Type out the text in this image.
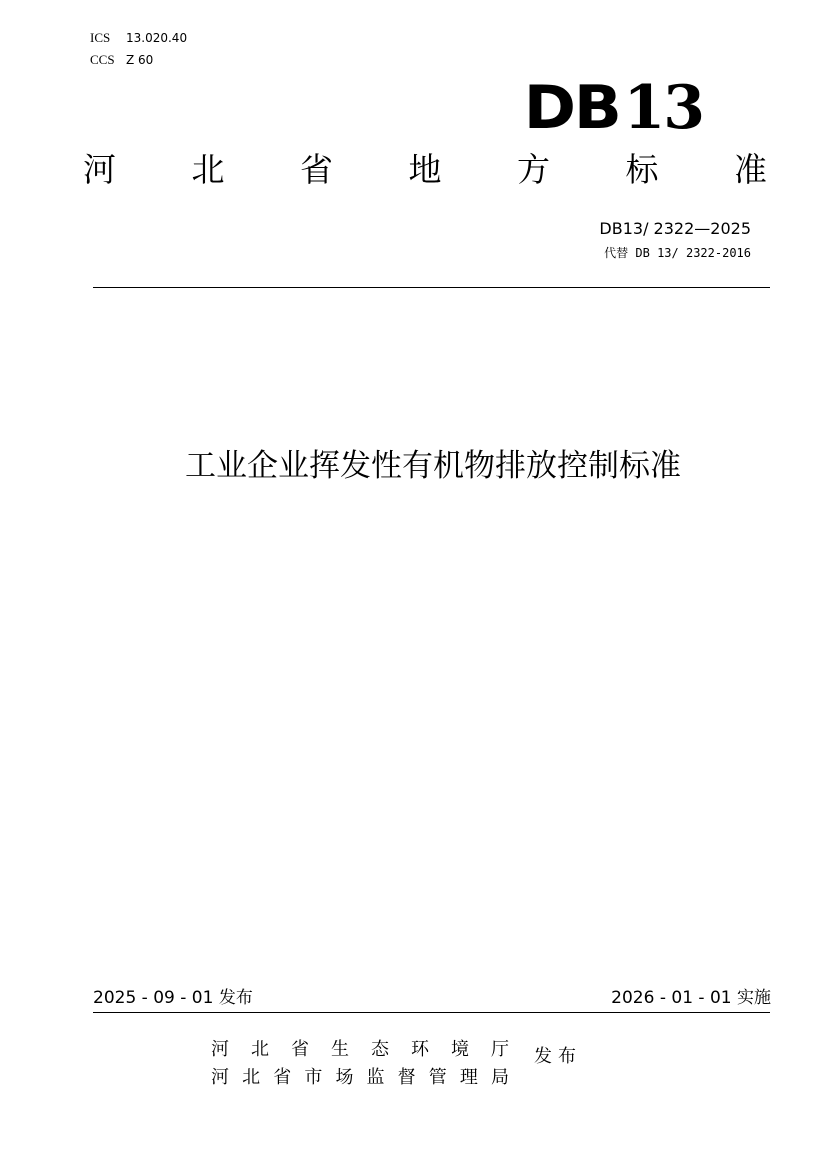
ICS 13.020.40
CCS Z 60
DB13
河 北 省 地 方 标 准
DB13/ 2322—2025
代替 DB 13/ 2322-2016
工业企业挥发性有机物排放控制标准
2025 - 09 - 01 发布	2026 - 01 - 01 实施
河 北 省 生 态 环 境 厅
河 北 省 市 场 监 督 管 理 局
发布
